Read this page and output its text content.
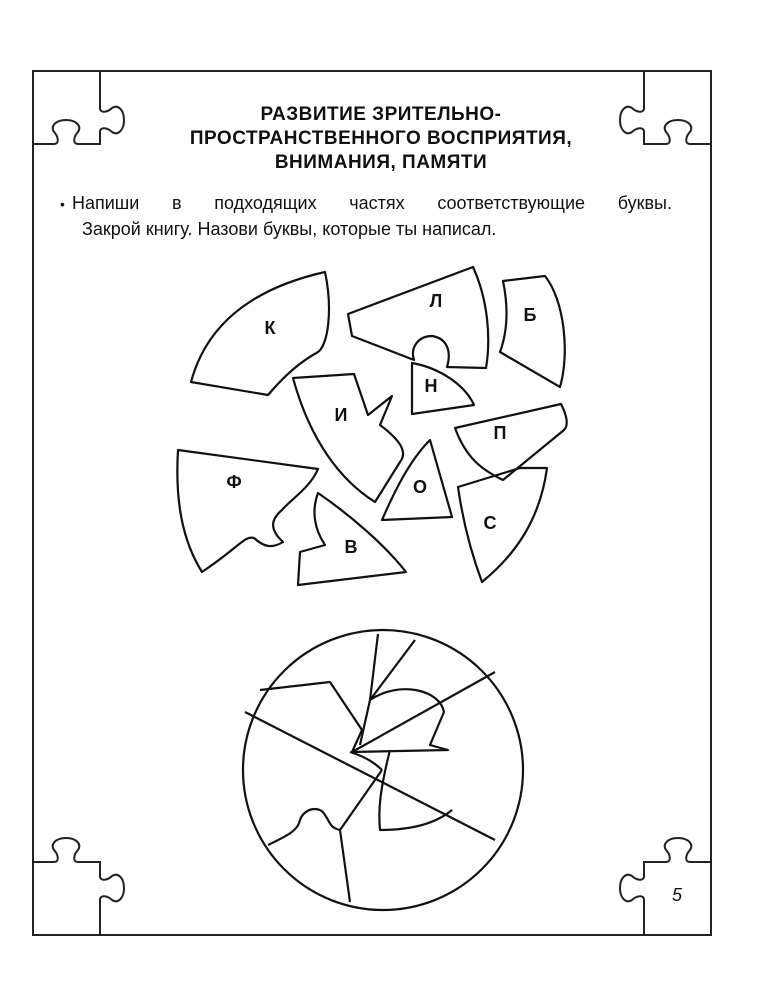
РАЗВИТИЕ ЗРИТЕЛЬНО-
ПРОСТРАНСТВЕННОГО ВОСПРИЯТИЯ,
ВНИМАНИЯ, ПАМЯТИ

• Напиши в подходящих частях соответствующие буквы.
Закрой книгу. Назови буквы, которые ты написал.

К
Л
Б
Н
И
П
Ф	О
С
В
5
